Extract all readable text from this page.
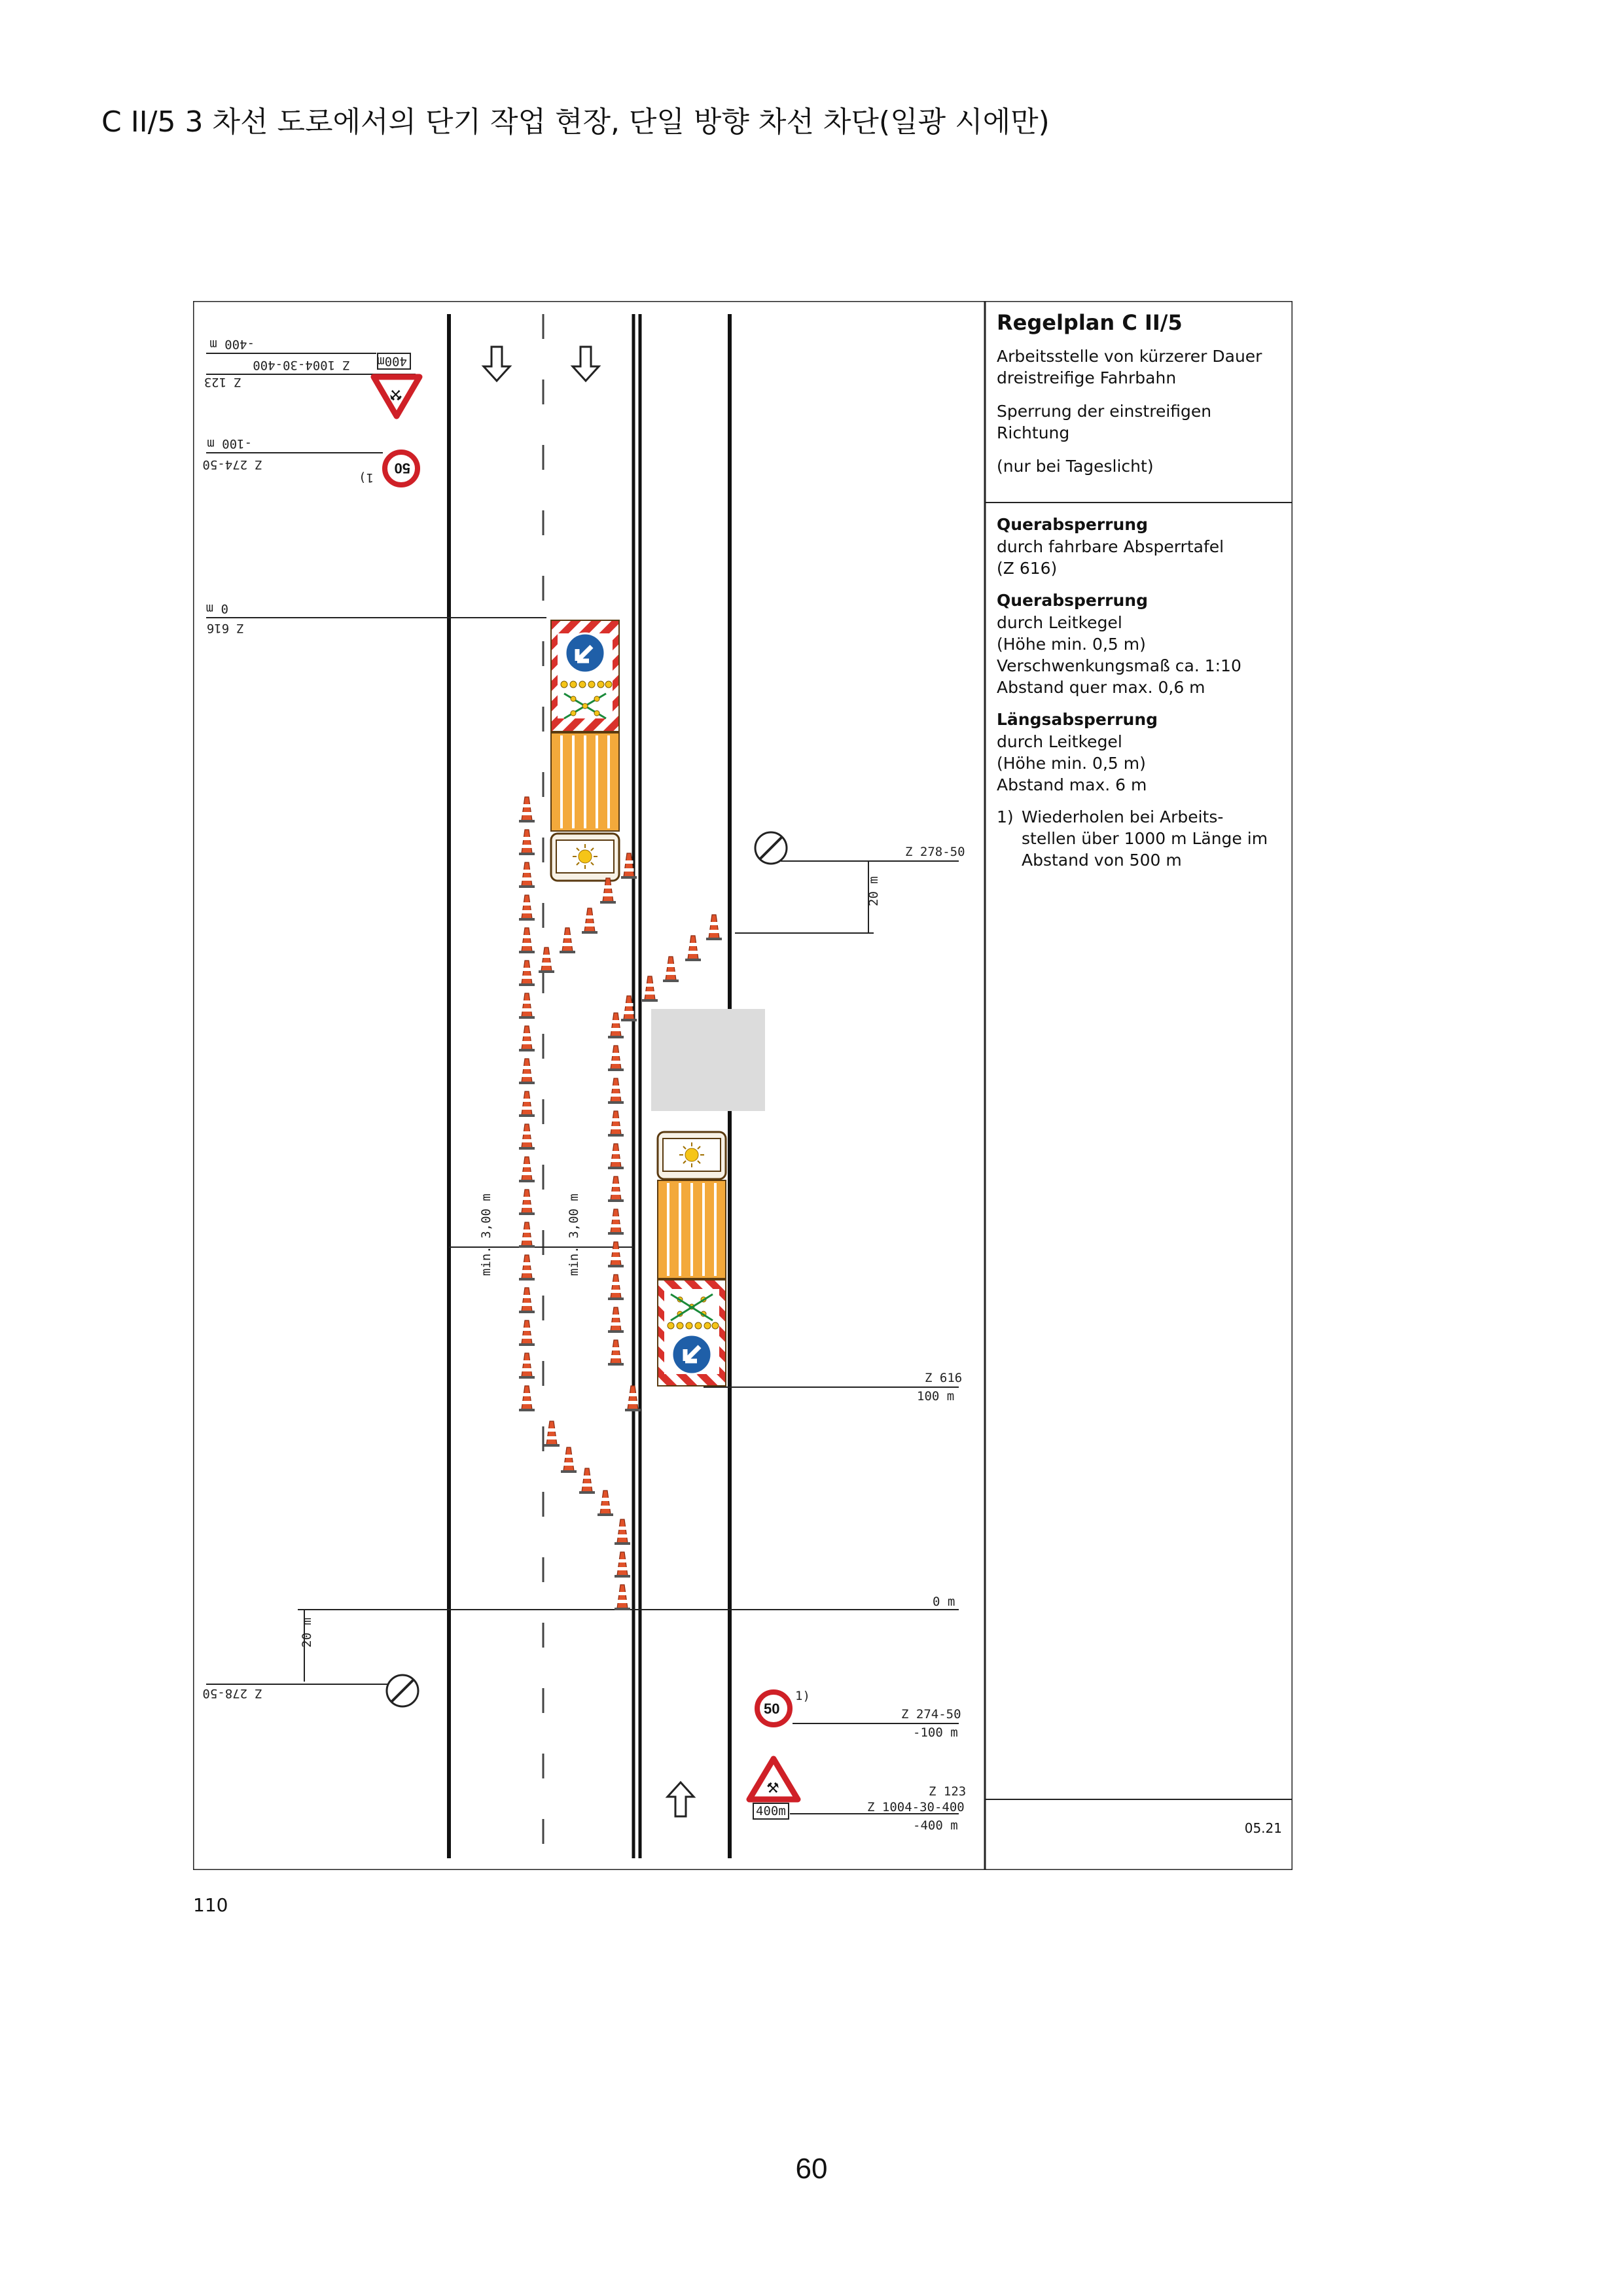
C II/5 3 차선 도로에서의 단기 작업 현장, 단일 방향 차선 차단(일광 시에만)
-400 m
Z 1004-30-400
Z 123
400m
⚒
-100 m
Z 274-50	50
1)
0 m
Z 616
20 m
Z 278-50
Z 278-50
20 m
Z 616
100 m
0 m
50
1)
Z 274-50
-100 m
⚒
400m
Z 123
Z 1004-30-400
-400 m
min. 3,00 m	min. 3,00 m
Regelplan C II/5
Arbeitsstelle von kürzerer Dauer
dreistreifige Fahrbahn
Sperrung der einstreifigen
Richtung
(nur bei Tageslicht)
Querabsperrung
durch fahrbare Absperrtafel
(Z 616)
Querabsperrung
durch Leitkegel
(Höhe min. 0,5 m)
Verschwenkungsmaß ca. 1:10
Abstand quer max. 0,6 m
Längsabsperrung
durch Leitkegel
(Höhe min. 0,5 m)
Abstand max. 6 m
1) Wiederholen bei Arbeits-
stellen über 1000 m Länge im
Abstand von 500 m
05.21
110
60
